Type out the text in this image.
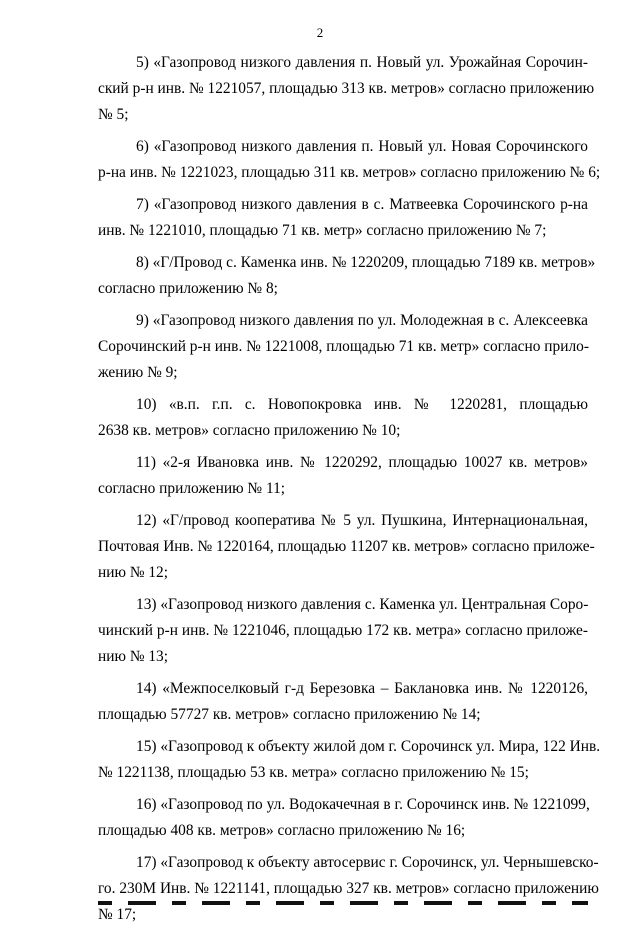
2
5) «Газопровод низкого давления п. Новый ул. Урожайная Сорочин-
ский р-н инв. № 1221057, площадью 313 кв. метров» согласно приложению
№ 5;
6) «Газопровод низкого давления п. Новый ул. Новая Сорочинского
р-на инв. № 1221023, площадью 311 кв. метров» согласно приложению № 6;
7) «Газопровод низкого давления в с. Матвеевка Сорочинского р-на
инв. № 1221010, площадью 71 кв. метр» согласно приложению № 7;
8) «Г/Провод с. Каменка инв. № 1220209, площадью 7189 кв. метров»
согласно приложению № 8;
9) «Газопровод низкого давления по ул. Молодежная в с. Алексеевка
Сорочинский р-н инв. № 1221008, площадью 71 кв. метр» согласно прило-
жению № 9;
10) «в.п. г.п. с. Новопокровка инв. № 1220281, площадью
2638 кв. метров» согласно приложению № 10;
11) «2-я Ивановка инв. № 1220292, площадью 10027 кв. метров»
согласно приложению № 11;
12) «Г/провод кооператива № 5 ул. Пушкина, Интернациональная,
Почтовая Инв. № 1220164, площадью 11207 кв. метров» согласно приложе-
нию № 12;
13) «Газопровод низкого давления с. Каменка ул. Центральная Соро-
чинский р-н инв. № 1221046, площадью 172 кв. метра» согласно приложе-
нию № 13;
14) «Межпоселковый г-д Березовка – Баклановка инв. № 1220126,
площадью 57727 кв. метров» согласно приложению № 14;
15) «Газопровод к объекту жилой дом г. Сорочинск ул. Мира, 122 Инв.
№ 1221138, площадью 53 кв. метра» согласно приложению № 15;
16) «Газопровод по ул. Водокачечная в г. Сорочинск инв. № 1221099,
площадью 408 кв. метров» согласно приложению № 16;
17) «Газопровод к объекту автосервис г. Сорочинск, ул. Чернышевско-
го. 230М Инв. № 1221141, площадью 327 кв. метров» согласно приложению
№ 17;
